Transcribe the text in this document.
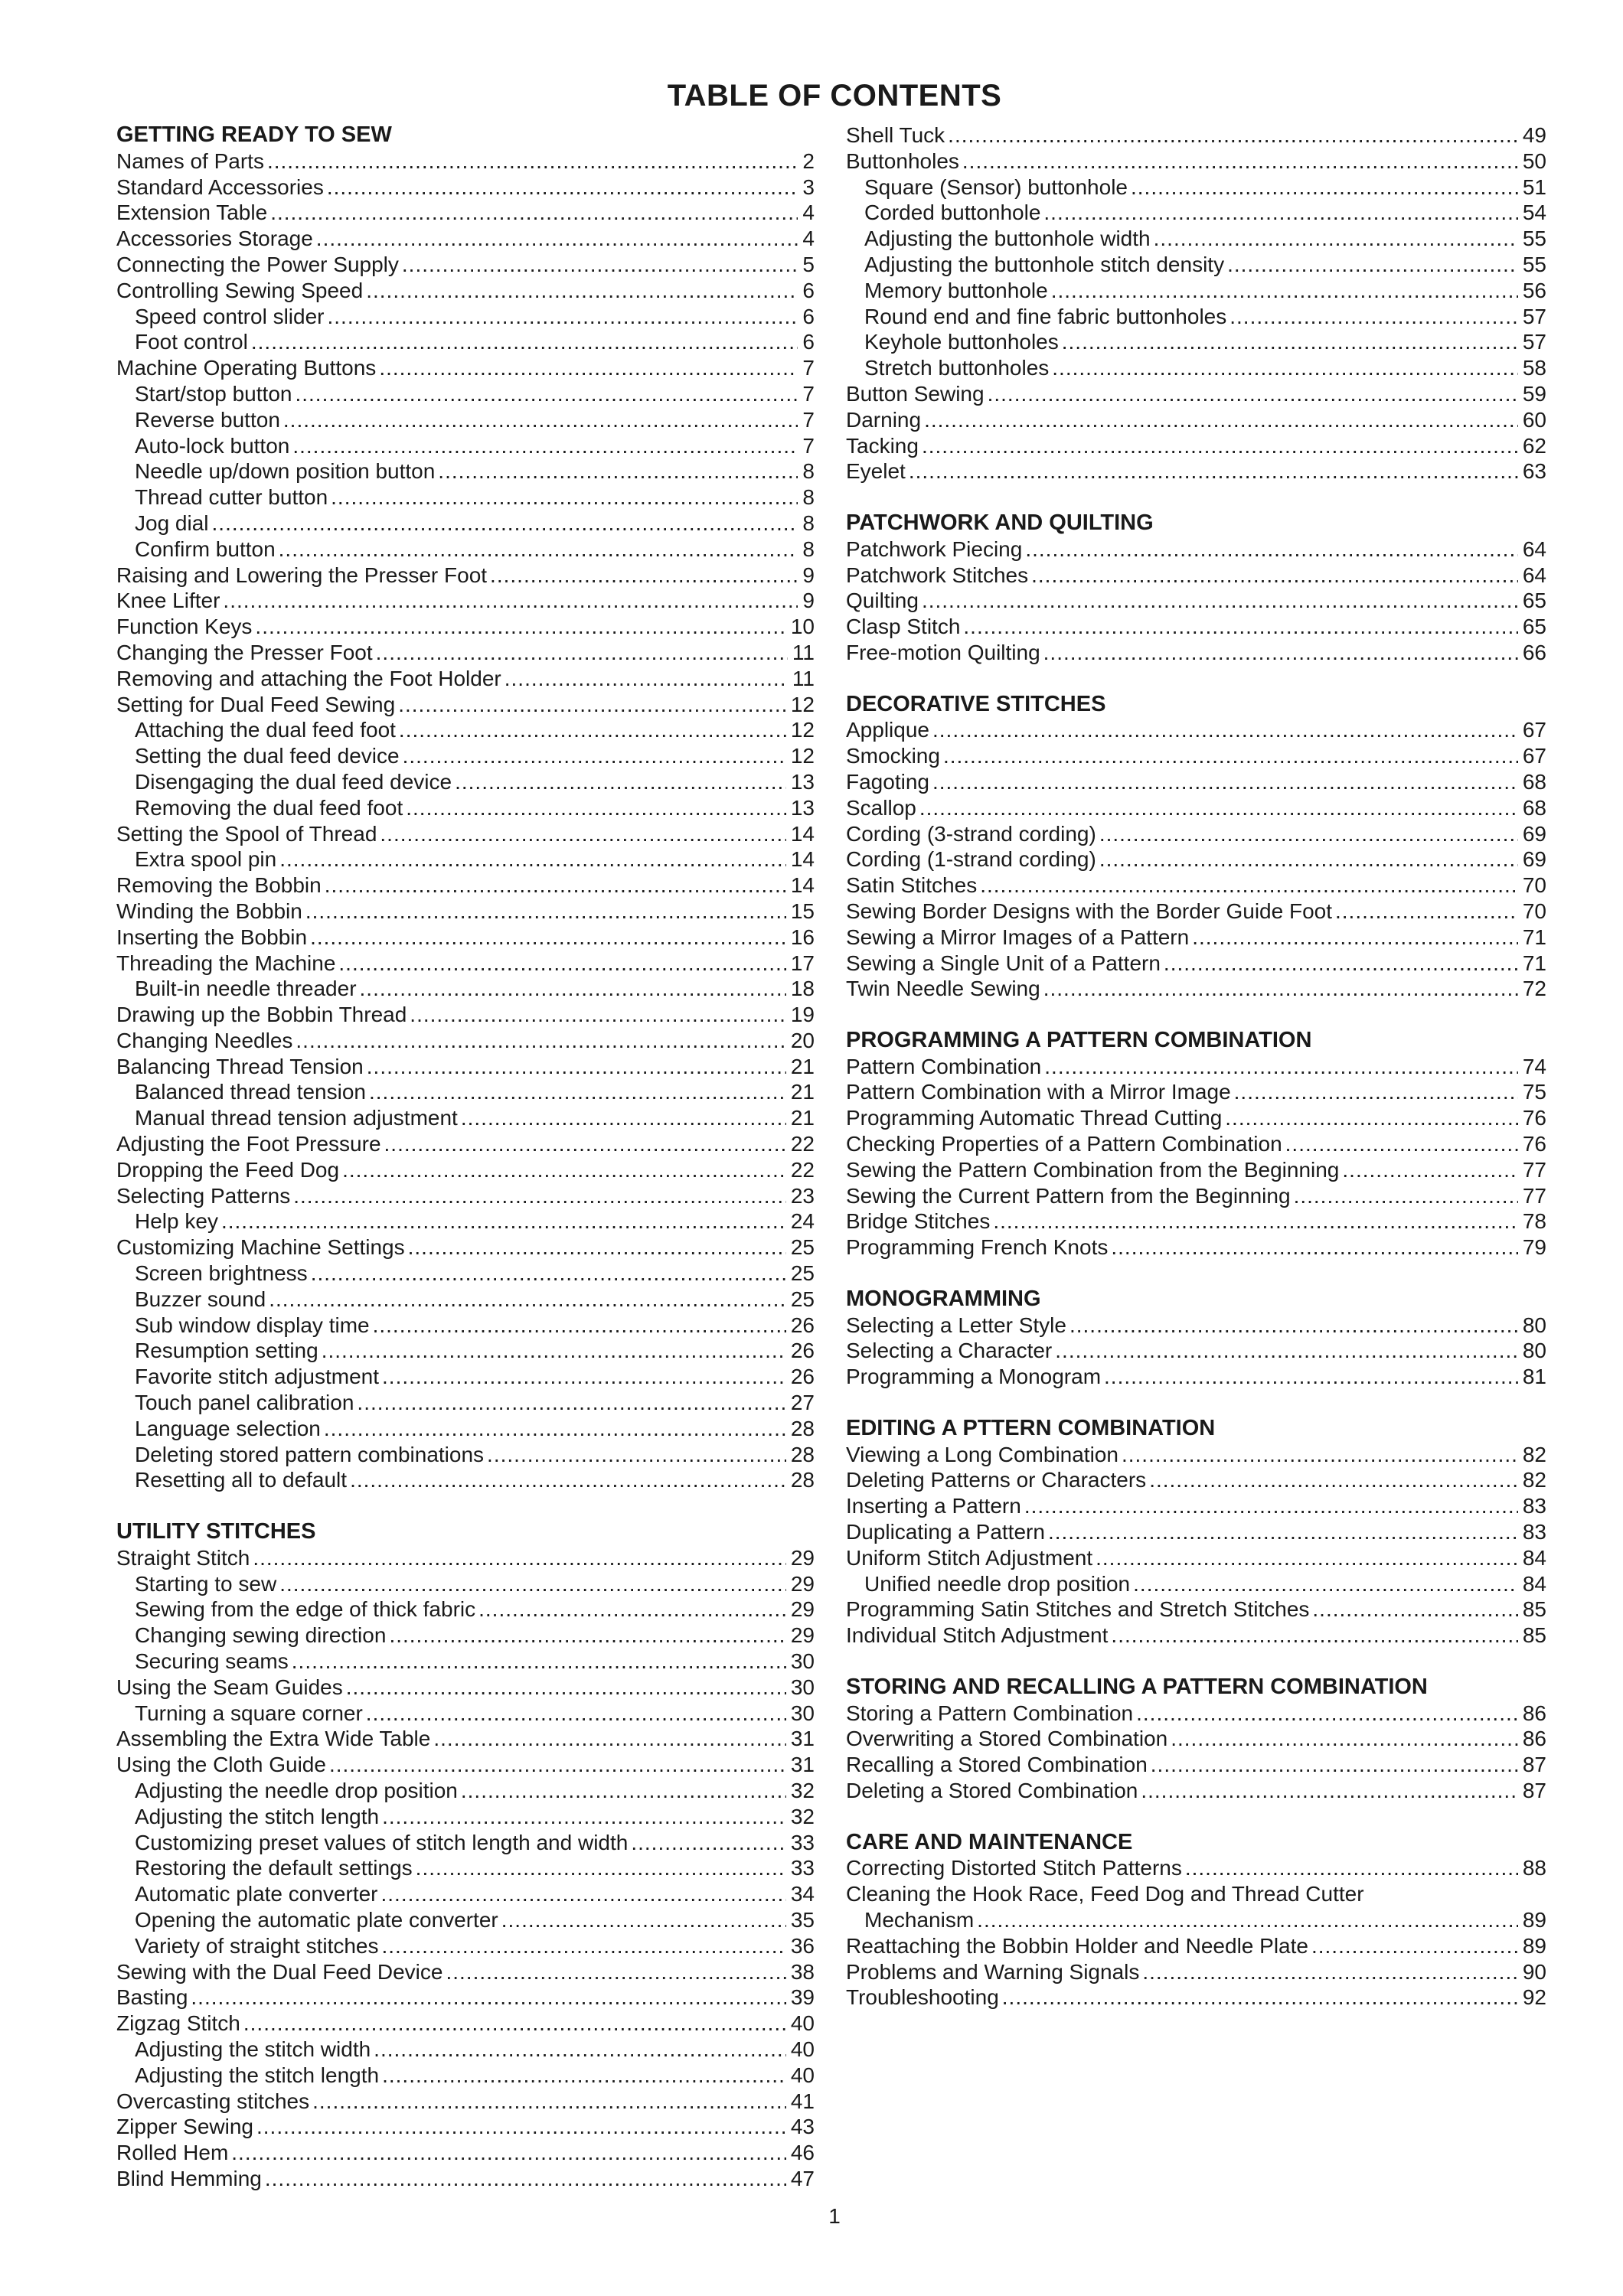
TABLE OF CONTENTS
GETTING READY TO SEW
Names of Parts .....	2
Standard Accessories .....	3
Extension Table .....	4
Accessories Storage .....	4
Connecting the Power Supply .....	5
Controlling Sewing Speed .....	6
Speed control slider .....	6
Foot control .....	6
Machine Operating Buttons .....	7
Start/stop button .....	7
Reverse button .....	7
Auto-lock button .....	7
Needle up/down position button .....	8
Thread cutter button .....	8
Jog dial .....	8
Confirm button .....	8
Raising and Lowering the Presser Foot .....	9
Knee Lifter .....	9
Function Keys .....	10
Changing the Presser Foot .....	11
Removing and attaching the Foot Holder .....	11
Setting for Dual Feed Sewing .....	12
Attaching the dual feed foot .....	12
Setting the dual feed device .....	12
Disengaging the dual feed device .....	13
Removing the dual feed foot .....	13
Setting the Spool of Thread .....	14
Extra spool pin .....	14
Removing the Bobbin .....	14
Winding the Bobbin .....	15
Inserting the Bobbin .....	16
Threading the Machine .....	17
Built-in needle threader .....	18
Drawing up the Bobbin Thread .....	19
Changing Needles .....	20
Balancing Thread Tension .....	21
Balanced thread tension .....	21
Manual thread tension adjustment .....	21
Adjusting the Foot Pressure .....	22
Dropping the Feed Dog .....	22
Selecting Patterns .....	23
Help key .....	24
Customizing Machine Settings .....	25
Screen brightness .....	25
Buzzer sound .....	25
Sub window display time .....	26
Resumption setting .....	26
Favorite stitch adjustment .....	26
Touch panel calibration .....	27
Language selection .....	28
Deleting stored pattern combinations .....	28
Resetting all to default .....	28
UTILITY STITCHES
Straight Stitch .....	29
Starting to sew .....	29
Sewing from the edge of thick fabric .....	29
Changing sewing direction .....	29
Securing seams .....	30
Using the Seam Guides .....	30
Turning a square corner .....	30
Assembling the Extra Wide Table .....	31
Using the Cloth Guide .....	31
Adjusting the needle drop position .....	32
Adjusting the stitch length .....	32
Customizing preset values of stitch length and width .....	33
Restoring the default settings .....	33
Automatic plate converter .....	34
Opening the automatic plate converter .....	35
Variety of straight stitches .....	36
Sewing with the Dual Feed Device .....	38
Basting .....	39
Zigzag Stitch .....	40
Adjusting the stitch width .....	40
Adjusting the stitch length .....	40
Overcasting stitches .....	41
Zipper Sewing .....	43
Rolled Hem .....	46
Blind Hemming .....	47
Shell Tuck .....	49
Buttonholes .....	50
Square (Sensor) buttonhole .....	51
Corded buttonhole .....	54
Adjusting the buttonhole width .....	55
Adjusting the buttonhole stitch density .....	55
Memory buttonhole .....	56
Round end and fine fabric buttonholes .....	57
Keyhole buttonholes .....	57
Stretch buttonholes .....	58
Button Sewing .....	59
Darning .....	60
Tacking .....	62
Eyelet .....	63
PATCHWORK AND QUILTING
Patchwork Piecing .....	64
Patchwork Stitches .....	64
Quilting .....	65
Clasp Stitch .....	65
Free-motion Quilting .....	66
DECORATIVE STITCHES
Applique .....	67
Smocking .....	67
Fagoting .....	68
Scallop .....	68
Cording (3-strand cording) .....	69
Cording (1-strand cording) .....	69
Satin Stitches .....	70
Sewing Border Designs with the Border Guide Foot .....	70
Sewing a Mirror Images of a Pattern .....	71
Sewing a Single Unit of a Pattern .....	71
Twin Needle Sewing .....	72
PROGRAMMING A PATTERN COMBINATION
Pattern Combination .....	74
Pattern Combination with a Mirror Image .....	75
Programming Automatic Thread Cutting .....	76
Checking Properties of a Pattern Combination .....	76
Sewing the Pattern Combination from the Beginning .....	77
Sewing the Current Pattern from the Beginning .....	77
Bridge Stitches .....	78
Programming French Knots .....	79
MONOGRAMMING
Selecting a Letter Style .....	80
Selecting a Character .....	80
Programming a Monogram .....	81
EDITING A PTTERN COMBINATION
Viewing a Long Combination .....	82
Deleting Patterns or Characters .....	82
Inserting a Pattern .....	83
Duplicating a Pattern .....	83
Uniform Stitch Adjustment .....	84
Unified needle drop position .....	84
Programming Satin Stitches and Stretch Stitches .....	85
Individual Stitch Adjustment .....	85
STORING AND RECALLING A PATTERN COMBINATION
Storing a Pattern Combination .....	86
Overwriting a Stored Combination .....	86
Recalling a Stored Combination .....	87
Deleting a Stored Combination .....	87
CARE AND MAINTENANCE
Correcting Distorted Stitch Patterns .....	88
Cleaning the Hook Race, Feed Dog and Thread Cutter
Mechanism .....	89
Reattaching the Bobbin Holder and Needle Plate .....	89
Problems and Warning Signals .....	90
Troubleshooting .....	92
1
